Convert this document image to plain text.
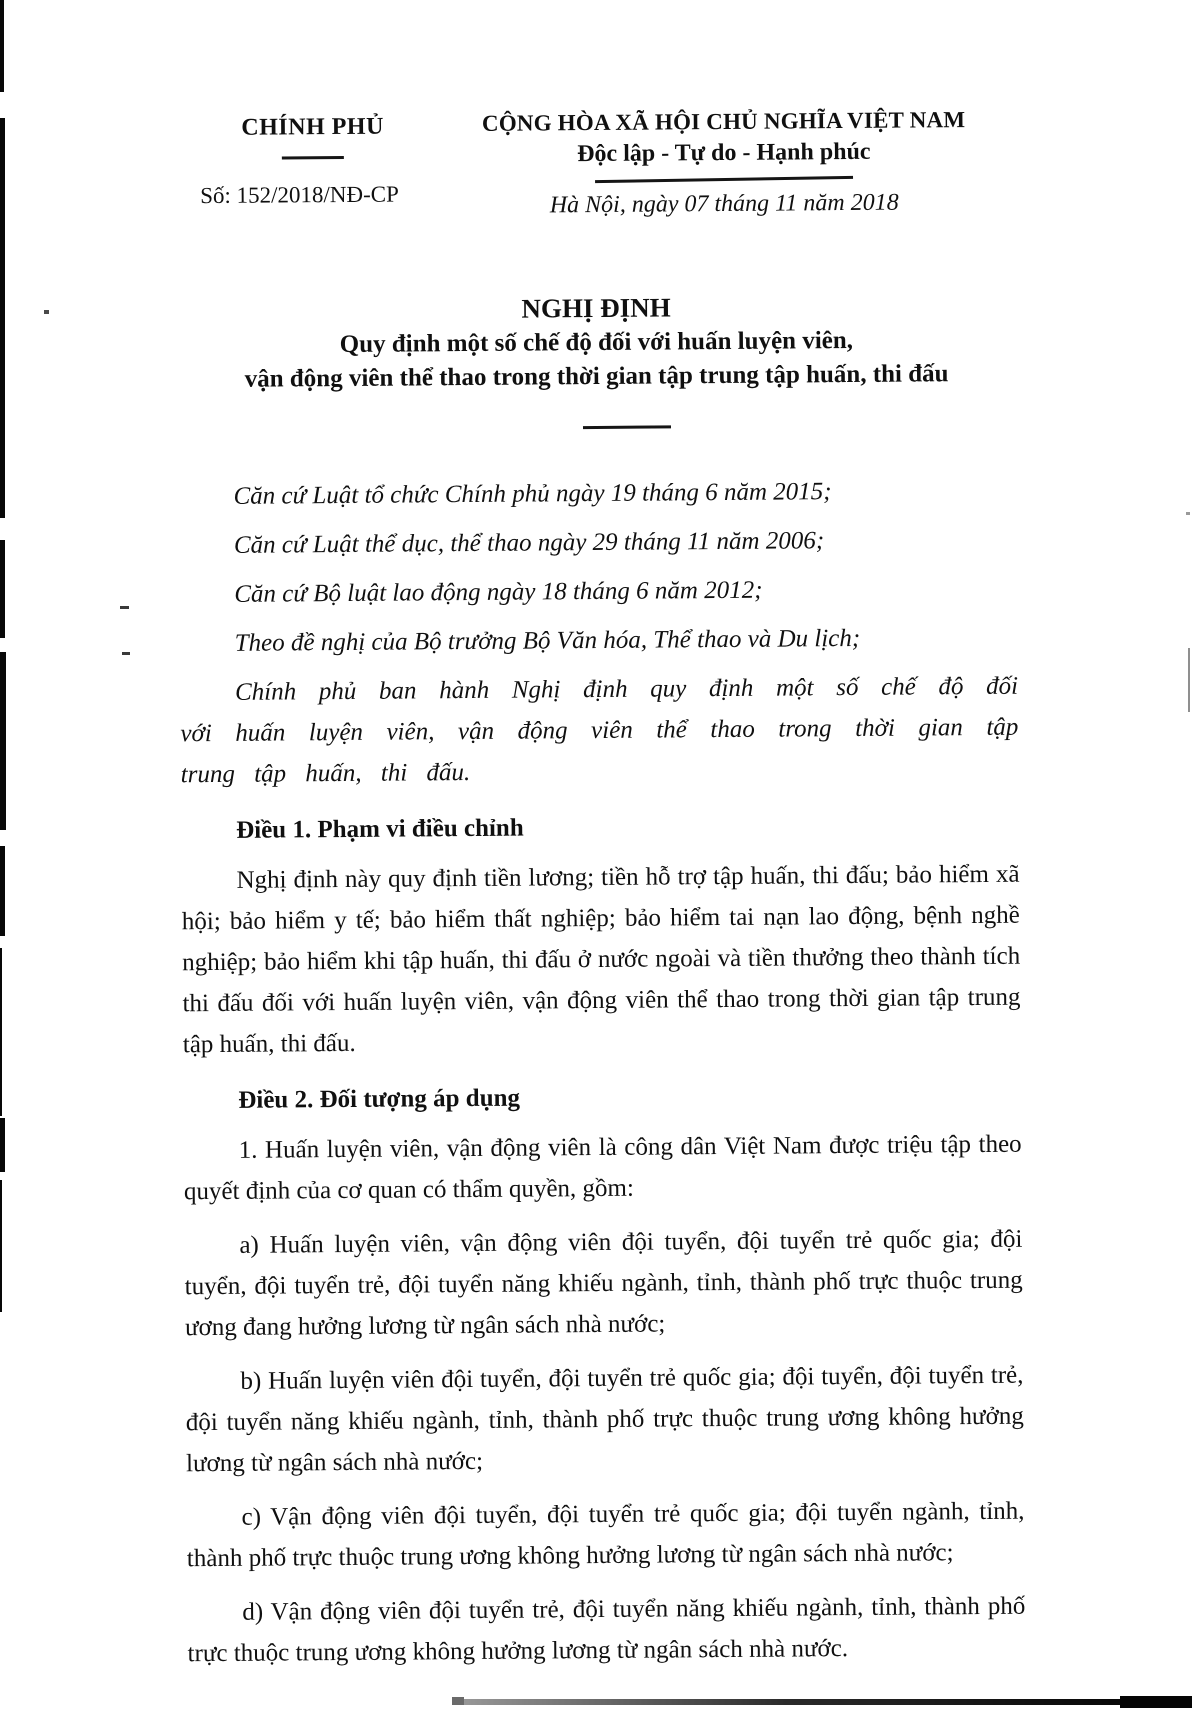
CHÍNH PHỦ
Số: 152/2018/NĐ-CP
CỘNG HÒA XÃ HỘI CHỦ NGHĨA VIỆT NAM
Độc lập - Tự do - Hạnh phúc
Hà Nội, ngày 07 tháng 11 năm 2018
NGHỊ ĐỊNH
Quy định một số chế độ đối với huấn luyện viên,
vận động viên thể thao trong thời gian tập trung tập huấn, thi đấu

Căn cứ Luật tổ chức Chính phủ ngày 19 tháng 6 năm 2015;

Căn cứ Luật thể dục, thể thao ngày 29 tháng 11 năm 2006;

Căn cứ Bộ luật lao động ngày 18 tháng 6 năm 2012;

Theo đề nghị của Bộ trưởng Bộ Văn hóa, Thể thao và Du lịch;

Chính phủ ban hành Nghị định quy định một số chế độ đối với huấn luyện viên, vận động viên thể thao trong thời gian tập trung tập huấn, thi đấu.

Điều 1. Phạm vi điều chỉnh

Nghị định này quy định tiền lương; tiền hỗ trợ tập huấn, thi đấu; bảo hiểm xã hội; bảo hiểm y tế; bảo hiểm thất nghiệp; bảo hiểm tai nạn lao động, bệnh nghề nghiệp; bảo hiểm khi tập huấn, thi đấu ở nước ngoài và tiền thưởng theo thành tích thi đấu đối với huấn luyện viên, vận động viên thể thao trong thời gian tập trung tập huấn, thi đấu.

Điều 2. Đối tượng áp dụng

1. Huấn luyện viên, vận động viên là công dân Việt Nam được triệu tập theo quyết định của cơ quan có thẩm quyền, gồm:

a) Huấn luyện viên, vận động viên đội tuyển, đội tuyển trẻ quốc gia; đội tuyển, đội tuyển trẻ, đội tuyển năng khiếu ngành, tỉnh, thành phố trực thuộc trung ương đang hưởng lương từ ngân sách nhà nước;

b) Huấn luyện viên đội tuyển, đội tuyển trẻ quốc gia; đội tuyển, đội tuyển trẻ, đội tuyển năng khiếu ngành, tỉnh, thành phố trực thuộc trung ương không hưởng lương từ ngân sách nhà nước;

c) Vận động viên đội tuyển, đội tuyển trẻ quốc gia; đội tuyển ngành, tỉnh, thành phố trực thuộc trung ương không hưởng lương từ ngân sách nhà nước;

d) Vận động viên đội tuyển trẻ, đội tuyển năng khiếu ngành, tỉnh, thành phố trực thuộc trung ương không hưởng lương từ ngân sách nhà nước.
